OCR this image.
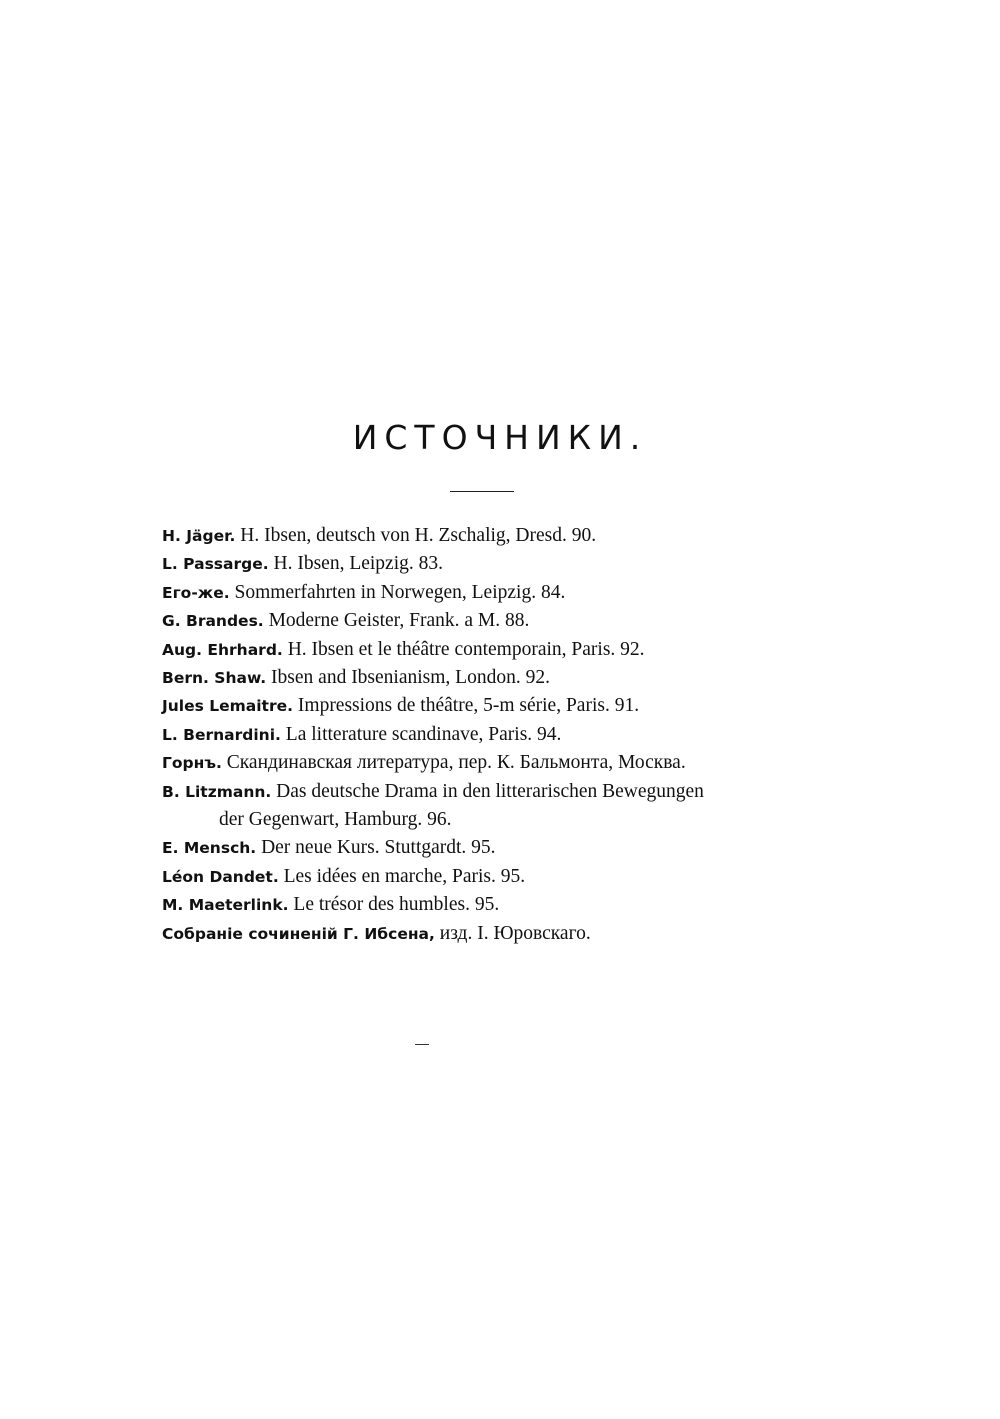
ИСТОЧНИКИ.
H. Jäger. H. Ibsen, deutsch von H. Zschalig, Dresd. 90.
L. Passarge. H. Ibsen, Leipzig. 83.
Его-же. Sommerfahrten in Norwegen, Leipzig. 84.
G. Brandes. Moderne Geister, Frank. a M. 88.
Aug. Ehrhard. H. Ibsen et le théâtre contemporain, Paris. 92.
Bern. Shaw. Ibsen and Ibsenianism, London. 92.
Jules Lemaitre. Impressions de théâtre, 5-m série, Paris. 91.
L. Bernardini. La litterature scandinave, Paris. 94.
Горнъ. Скандинавская литература, пер. К. Бальмонта, Москва.
B. Litzmann. Das deutsche Drama in den litterarischen Bewegungen
der Gegenwart, Hamburg. 96.
E. Mensch. Der neue Kurs. Stuttgardt. 95.
Léon Dandet. Les idées en marche, Paris. 95.
M. Maeterlink. Le trésor des humbles. 95.
Собраніе сочиненій Г. Ибсена, изд. І. Юровскаго.
